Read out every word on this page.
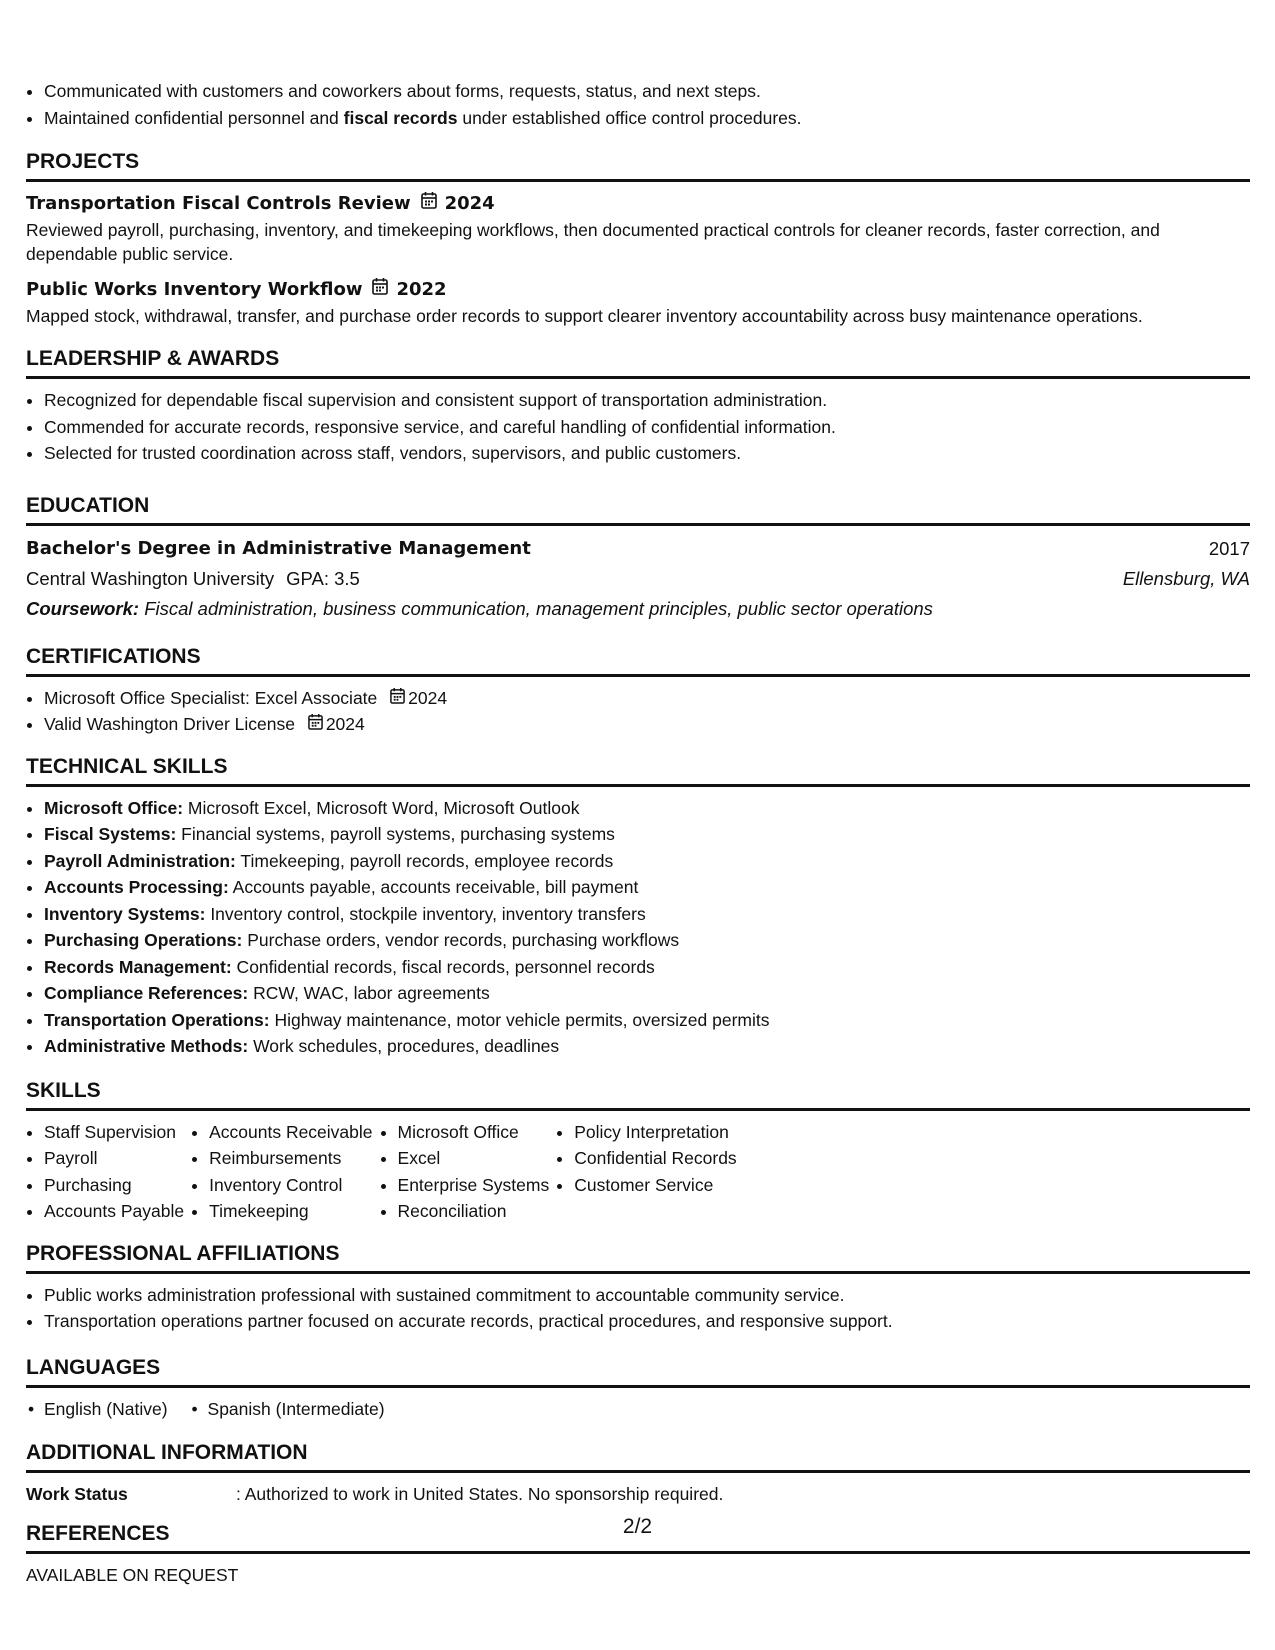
• Communicated with customers and coworkers about forms, requests, status, and next steps.
• Maintained confidential personnel and fiscal records under established office control procedures.
PROJECTS
Transportation Fiscal Controls Review 2024
Reviewed payroll, purchasing, inventory, and timekeeping workflows, then documented practical controls for cleaner records, faster correction, and dependable public service.
Public Works Inventory Workflow 2022
Mapped stock, withdrawal, transfer, and purchase order records to support clearer inventory accountability across busy maintenance operations.
LEADERSHIP & AWARDS
• Recognized for dependable fiscal supervision and consistent support of transportation administration.
• Commended for accurate records, responsive service, and careful handling of confidential information.
• Selected for trusted coordination across staff, vendors, supervisors, and public customers.
EDUCATION
Bachelor's Degree in Administrative Management	2017
Central Washington University GPA: 3.5	Ellensburg, WA
Coursework: Fiscal administration, business communication, management principles, public sector operations
CERTIFICATIONS
• Microsoft Office Specialist: Excel Associate 2024
• Valid Washington Driver License 2024
TECHNICAL SKILLS
• Microsoft Office: Microsoft Excel, Microsoft Word, Microsoft Outlook
• Fiscal Systems: Financial systems, payroll systems, purchasing systems
• Payroll Administration: Timekeeping, payroll records, employee records
• Accounts Processing: Accounts payable, accounts receivable, bill payment
• Inventory Systems: Inventory control, stockpile inventory, inventory transfers
• Purchasing Operations: Purchase orders, vendor records, purchasing workflows
• Records Management: Confidential records, fiscal records, personnel records
• Compliance References: RCW, WAC, labor agreements
• Transportation Operations: Highway maintenance, motor vehicle permits, oversized permits
• Administrative Methods: Work schedules, procedures, deadlines
SKILLS
• Staff Supervision
• Payroll
• Purchasing
• Accounts Payable
• Accounts Receivable
• Reimbursements
• Inventory Control
• Timekeeping
• Microsoft Office
• Excel
• Enterprise Systems
• Reconciliation
• Policy Interpretation
• Confidential Records
• Customer Service
PROFESSIONAL AFFILIATIONS
• Public works administration professional with sustained commitment to accountable community service.
• Transportation operations partner focused on accurate records, practical procedures, and responsive support.
LANGUAGES
• English (Native)
•	Spanish (Intermediate)
ADDITIONAL INFORMATION
Work Status	: Authorized to work in United States. No sponsorship required.
REFERENCES
AVAILABLE ON REQUEST
2/2
